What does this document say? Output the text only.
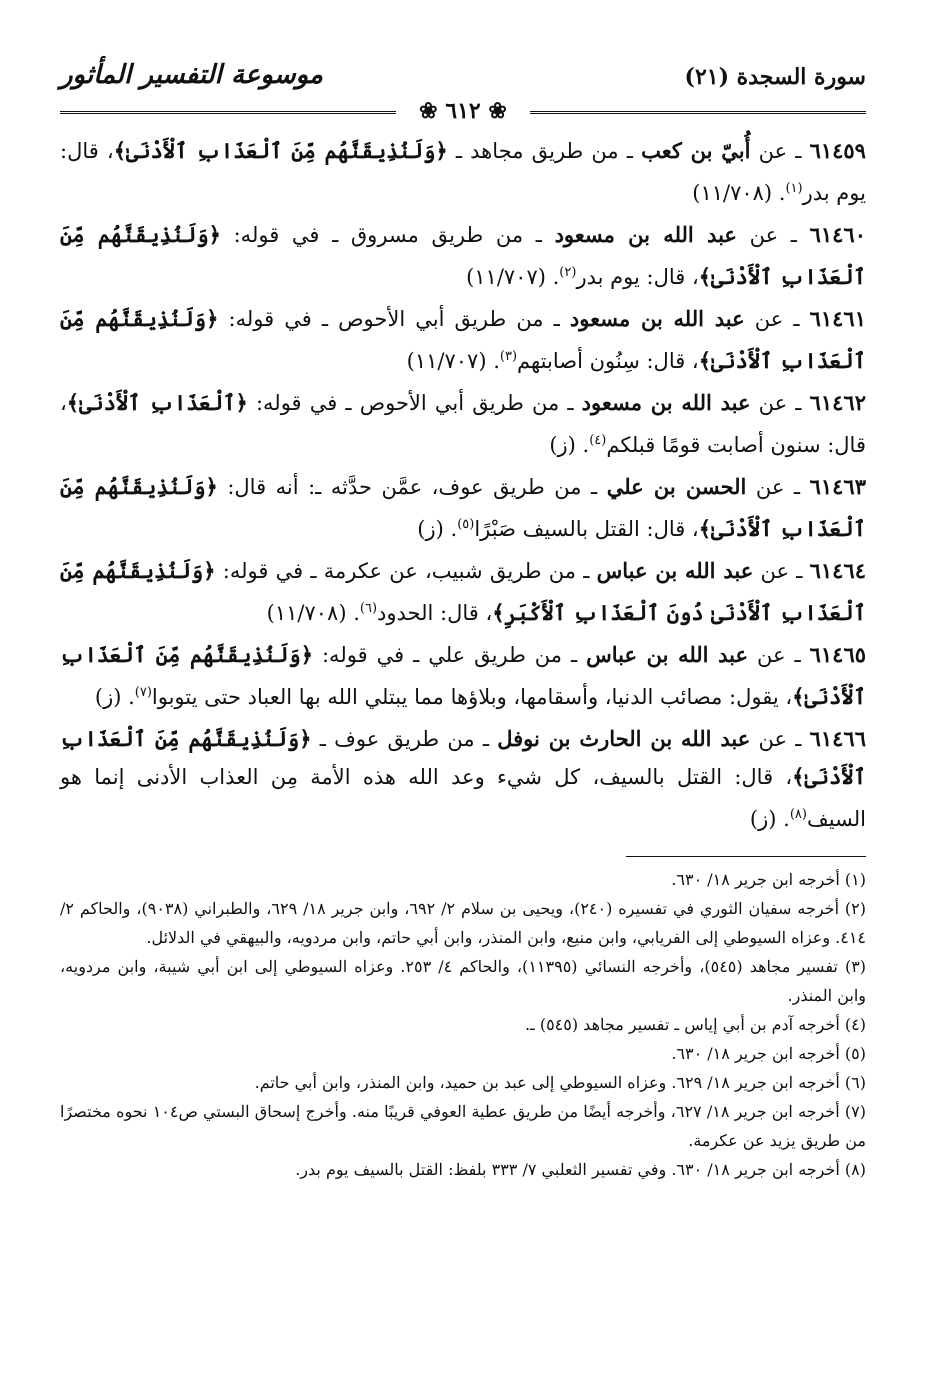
سورة السجدة (٢١)
موسوعة التفسير المأثور
❀ ٦١٢ ❀

٦١٤٥٩ ـ عن أُبيّ بن كعب ـ من طريق مجاهد ـ ﴿وَلَنُذِيقَنَّهُم مِّنَ ٱلْعَذَابِ ٱلْأَدْنَىٰ﴾، قال: يوم بدر$^{(١)}$. (١١/٧٠٨)

٦١٤٦٠ ـ عن عبد الله بن مسعود ـ من طريق مسروق ـ في قوله: ﴿وَلَنُذِيقَنَّهُم مِّنَ ٱلْعَذَابِ ٱلْأَدْنَىٰ﴾، قال: يوم بدر$^{(٢)}$. (١١/٧٠٧)

٦١٤٦١ ـ عن عبد الله بن مسعود ـ من طريق أبي الأحوص ـ في قوله: ﴿وَلَنُذِيقَنَّهُم مِّنَ ٱلْعَذَابِ ٱلْأَدْنَىٰ﴾، قال: سِنُون أصابتهم$^{(٣)}$. (١١/٧٠٧)

٦١٤٦٢ ـ عن عبد الله بن مسعود ـ من طريق أبي الأحوص ـ في قوله: ﴿ٱلْعَذَابِ ٱلْأَدْنَىٰ﴾، قال: سنون أصابت قومًا قبلكم$^{(٤)}$. (ز)

٦١٤٦٣ ـ عن الحسن بن علي ـ من طريق عوف، عمَّن حدَّثه ـ: أنه قال: ﴿وَلَنُذِيقَنَّهُم مِّنَ ٱلْعَذَابِ ٱلْأَدْنَىٰ﴾، قال: القتل بالسيف صَبْرًا$^{(٥)}$. (ز)

٦١٤٦٤ ـ عن عبد الله بن عباس ـ من طريق شبيب، عن عكرمة ـ في قوله: ﴿وَلَنُذِيقَنَّهُم مِّنَ ٱلْعَذَابِ ٱلْأَدْنَىٰ دُونَ ٱلْعَذَابِ ٱلْأَكْبَرِ﴾، قال: الحدود$^{(٦)}$. (١١/٧٠٨)

٦١٤٦٥ ـ عن عبد الله بن عباس ـ من طريق علي ـ في قوله: ﴿وَلَنُذِيقَنَّهُم مِّنَ ٱلْعَذَابِ ٱلْأَدْنَىٰ﴾، يقول: مصائب الدنيا، وأسقامها، وبلاؤها مما يبتلي الله بها العباد حتى يتوبوا$^{(٧)}$. (ز)

٦١٤٦٦ ـ عن عبد الله بن الحارث بن نوفل ـ من طريق عوف ـ ﴿وَلَنُذِيقَنَّهُم مِّنَ ٱلْعَذَابِ ٱلْأَدْنَىٰ﴾، قال: القتل بالسيف، كل شيء وعد الله هذه الأمة مِن العذاب الأدنى إنما هو السيف$^{(٨)}$. (ز)

(١) أخرجه ابن جرير ١٨/ ٦٣٠.

(٢) أخرجه سفيان الثوري في تفسيره (٢٤٠)، ويحيى بن سلام ٢/ ٦٩٢، وابن جرير ١٨/ ٦٢٩، والطبراني (٩٠٣٨)، والحاكم ٢/ ٤١٤. وعزاه السيوطي إلى الفريابي، وابن منيع، وابن المنذر، وابن أبي حاتم، وابن مردويه، والبيهقي في الدلائل.

(٣) تفسير مجاهد (٥٤٥)، وأخرجه النسائي (١١٣٩٥)، والحاكم ٤/ ٢٥٣. وعزاه السيوطي إلى ابن أبي شيبة، وابن مردويه، وابن المنذر.

(٤) أخرجه آدم بن أبي إياس ـ تفسير مجاهد (٥٤٥) ـ.

(٥) أخرجه ابن جرير ١٨/ ٦٣٠.

(٦) أخرجه ابن جرير ١٨/ ٦٢٩. وعزاه السيوطي إلى عبد بن حميد، وابن المنذر، وابن أبي حاتم.

(٧) أخرجه ابن جرير ١٨/ ٦٢٧، وأخرجه أيضًا من طريق عطية العوفي قريبًا منه. وأخرج إسحاق البستي ص١٠٤ نحوه مختصرًا من طريق يزيد عن عكرمة.

(٨) أخرجه ابن جرير ١٨/ ٦٣٠. وفي تفسير الثعلبي ٧/ ٣٣٣ بلفظ: القتل بالسيف يوم بدر.
